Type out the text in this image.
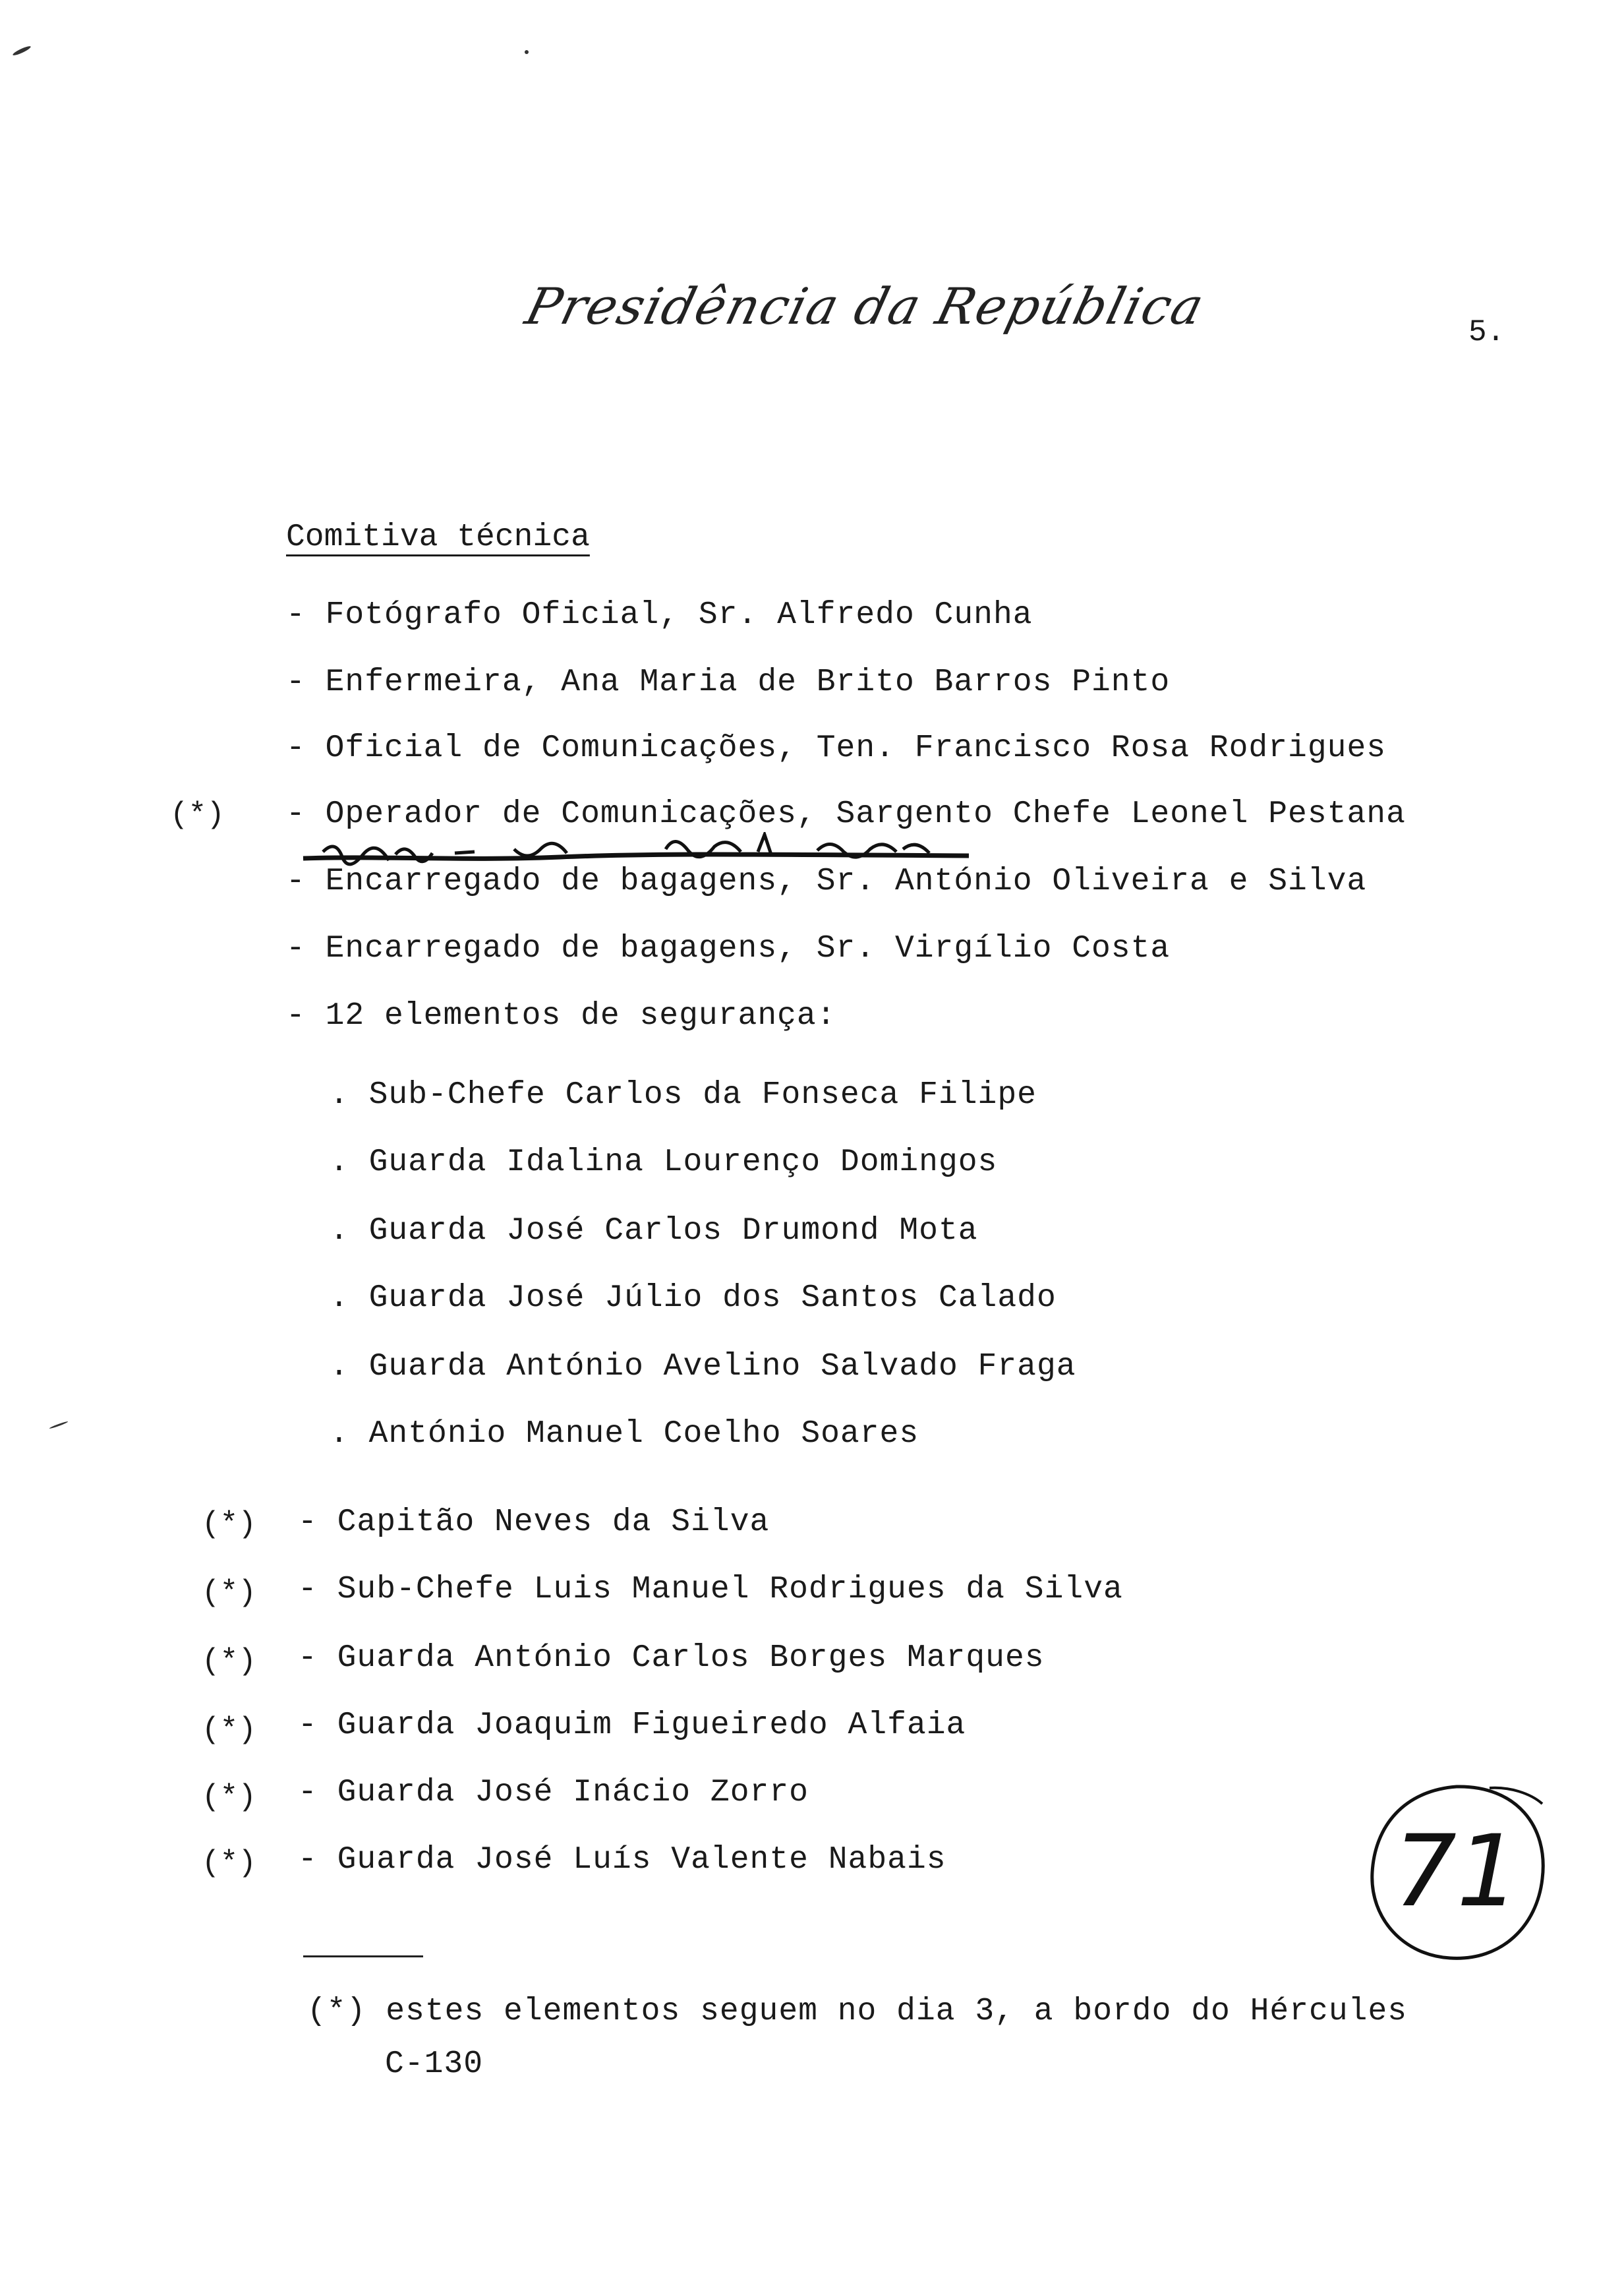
Presidência da República	5.
Comitiva técnica
- Fotógrafo Oficial, Sr. Alfredo Cunha
- Enfermeira, Ana Maria de Brito Barros Pinto
- Oficial de Comunicações, Ten. Francisco Rosa Rodrigues
(*) - Operador de Comunicações, Sargento Chefe Leonel Pestana
- Encarregado de bagagens, Sr. António Oliveira e Silva
- Encarregado de bagagens, Sr. Virgílio Costa
- 12 elementos de segurança:
. Sub-Chefe Carlos da Fonseca Filipe
. Guarda Idalina Lourenço Domingos
. Guarda José Carlos Drumond Mota
. Guarda José Júlio dos Santos Calado
. Guarda António Avelino Salvado Fraga
. António Manuel Coelho Soares
(*) - Capitão Neves da Silva
(*) - Sub-Chefe Luis Manuel Rodrigues da Silva
(*) - Guarda António Carlos Borges Marques
(*) - Guarda Joaquim Figueiredo Alfaia
(*) - Guarda José Inácio Zorro
(*) - Guarda José Luís Valente Nabais
(*) estes elementos seguem no dia 3, a bordo do Hércules
C-130
71
